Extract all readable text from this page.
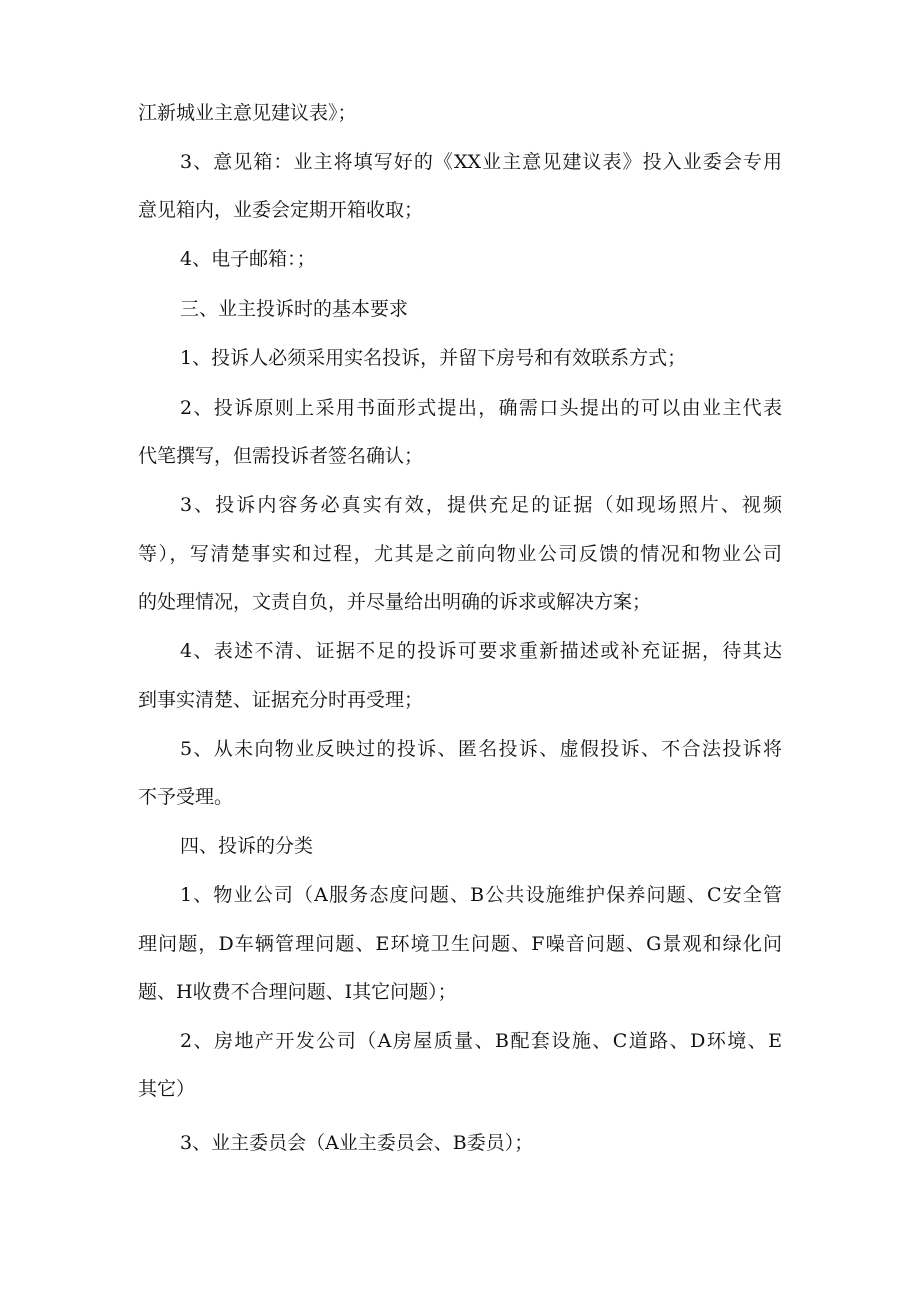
江新城业主意见建议表》；
3、意见箱：业主将填写好的《XX业主意见建议表》投入业委会专用
意见箱内，业委会定期开箱收取；
4、电子邮箱：；
三、业主投诉时的基本要求
1、投诉人必须采用实名投诉，并留下房号和有效联系方式；
2、投诉原则上采用书面形式提出，确需口头提出的可以由业主代表
代笔撰写，但需投诉者签名确认；
3、投诉内容务必真实有效，提供充足的证据（如现场照片、视频
等），写清楚事实和过程，尤其是之前向物业公司反馈的情况和物业公司
的处理情况，文责自负，并尽量给出明确的诉求或解决方案；
4、表述不清、证据不足的投诉可要求重新描述或补充证据，待其达
到事实清楚、证据充分时再受理；
5、从未向物业反映过的投诉、匿名投诉、虚假投诉、不合法投诉将
不予受理。
四、投诉的分类
1、物业公司（A服务态度问题、B公共设施维护保养问题、C安全管
理问题，D车辆管理问题、E环境卫生问题、F噪音问题、G景观和绿化问
题、H收费不合理问题、I其它问题）；
2、房地产开发公司（A房屋质量、B配套设施、C道路、D环境、E
其它）
3、业主委员会（A业主委员会、B委员）；
